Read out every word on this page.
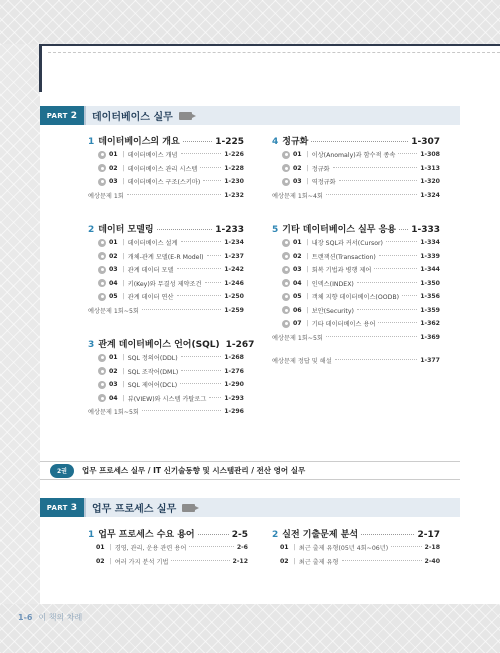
PART 2 데이터베이스 실무
1 데이터베이스의 개요	1-225
01 | 데이터베이스 개념	1-226
02 | 데이터베이스 관리 시스템	1-228
03 | 데이터베이스 구조(스키마)	1-230
예상문제 1회	1-232
2 데이터 모델링	1-233
01 | 데이터베이스 설계	1-234
02 | 개체-관계 모델(E-R Model)	1-237
03 | 관계 데이터 모델	1-242
04 | 키(Key)와 무결성 제약조건	1-246
05 | 관계 데이터 연산	1-250
예상문제 1회~5회	1-259
3 관계 데이터베이스 언어(SQL) 1-267
01 | SQL 정의어(DDL)	1-268
02 | SQL 조작어(DML)	1-276
03 | SQL 제어어(DCL)	1-290
04 | 뷰(VIEW)와 시스템 카탈로그	1-293
예상문제 1회~5회	1-296
4 정규화	1-307
01 | 이상(Anomaly)과 함수적 종속	1-308
02 | 정규화	1-313
03 | 역정규화	1-320
예상문제 1회~4회	1-324
5 기타 데이터베이스 실무 응용 1-333
01 | 내장 SQL과 커서(Cursor)	1-334
02 | 트랜잭션(Transaction)	1-339
03 | 회복 기법과 병행 제어	1-344
04 | 인덱스(INDEX)	1-350
05 | 객체 지향 데이터베이스(OODB)	1-356
06 | 보안(Security)	1-359
07 | 기타 데이터베이스 용어	1-362
예상문제 1회~5회	1-369
예상문제 정답 및 해설	1-377
2권	업무 프로세스 실무 / IT 신기술동향 및 시스템관리 / 전산 영어 실무
PART 3 업무 프로세스 실무
1 업무 프로세스 수요 용어	2-5
01 | 경영, 관리, 운용 관련 용어	2-6
02 | 여러 가지 분석 기법	2-12
2 실전 기출문제 분석	2-17
01 | 최근 출제 유형(05년 4회~06년)	2-18
02 | 최근 출제 유형	2-40
1-6 이 책의 차례
